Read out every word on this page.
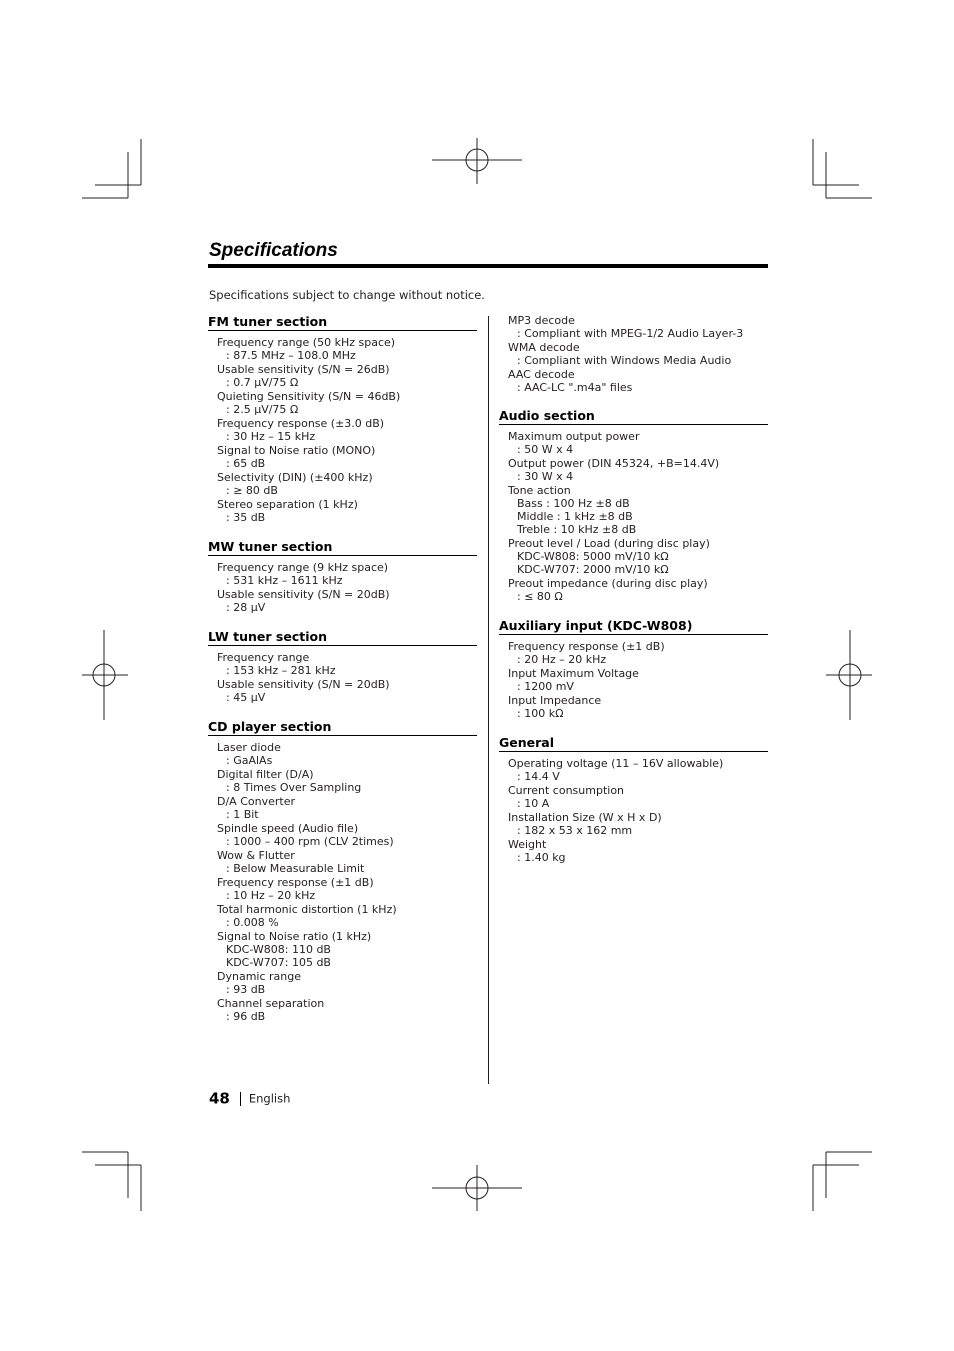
Specifications
Specifications subject to change without notice.
FM tuner section
Frequency range (50 kHz space)
: 87.5 MHz – 108.0 MHz
Usable sensitivity (S/N = 26dB)
: 0.7 μV/75 Ω
Quieting Sensitivity (S/N = 46dB)
: 2.5 μV/75 Ω
Frequency response (±3.0 dB)
: 30 Hz – 15 kHz
Signal to Noise ratio (MONO)
: 65 dB
Selectivity (DIN) (±400 kHz)
: ≥ 80 dB
Stereo separation (1 kHz)
: 35 dB
MW tuner section
Frequency range (9 kHz space)
: 531 kHz – 1611 kHz
Usable sensitivity (S/N = 20dB)
: 28 μV
LW tuner section
Frequency range
: 153 kHz – 281 kHz
Usable sensitivity (S/N = 20dB)
: 45 μV
CD player section
Laser diode
: GaAlAs
Digital filter (D/A)
: 8 Times Over Sampling
D/A Converter
: 1 Bit
Spindle speed (Audio file)
: 1000 – 400 rpm (CLV 2times)
Wow & Flutter
: Below Measurable Limit
Frequency response (±1 dB)
: 10 Hz – 20 kHz
Total harmonic distortion (1 kHz)
: 0.008 %
Signal to Noise ratio (1 kHz)
KDC-W808: 110 dB
KDC-W707: 105 dB
Dynamic range
: 93 dB
Channel separation
: 96 dB
MP3 decode
: Compliant with MPEG-1/2 Audio Layer-3
WMA decode
: Compliant with Windows Media Audio
AAC decode
: AAC-LC ".m4a" files
Audio section
Maximum output power
: 50 W x 4
Output power (DIN 45324, +B=14.4V)
: 30 W x 4
Tone action
Bass : 100 Hz ±8 dB
Middle : 1 kHz ±8 dB
Treble : 10 kHz ±8 dB
Preout level / Load (during disc play)
KDC-W808: 5000 mV/10 kΩ
KDC-W707: 2000 mV/10 kΩ
Preout impedance (during disc play)
: ≤ 80 Ω
Auxiliary input (KDC-W808)
Frequency response (±1 dB)
: 20 Hz – 20 kHz
Input Maximum Voltage
: 1200 mV
Input Impedance
: 100 kΩ
General
Operating voltage (11 – 16V allowable)
: 14.4 V
Current consumption
: 10 A
Installation Size (W x H x D)
: 182 x 53 x 162 mm
Weight
: 1.40 kg
48 English
